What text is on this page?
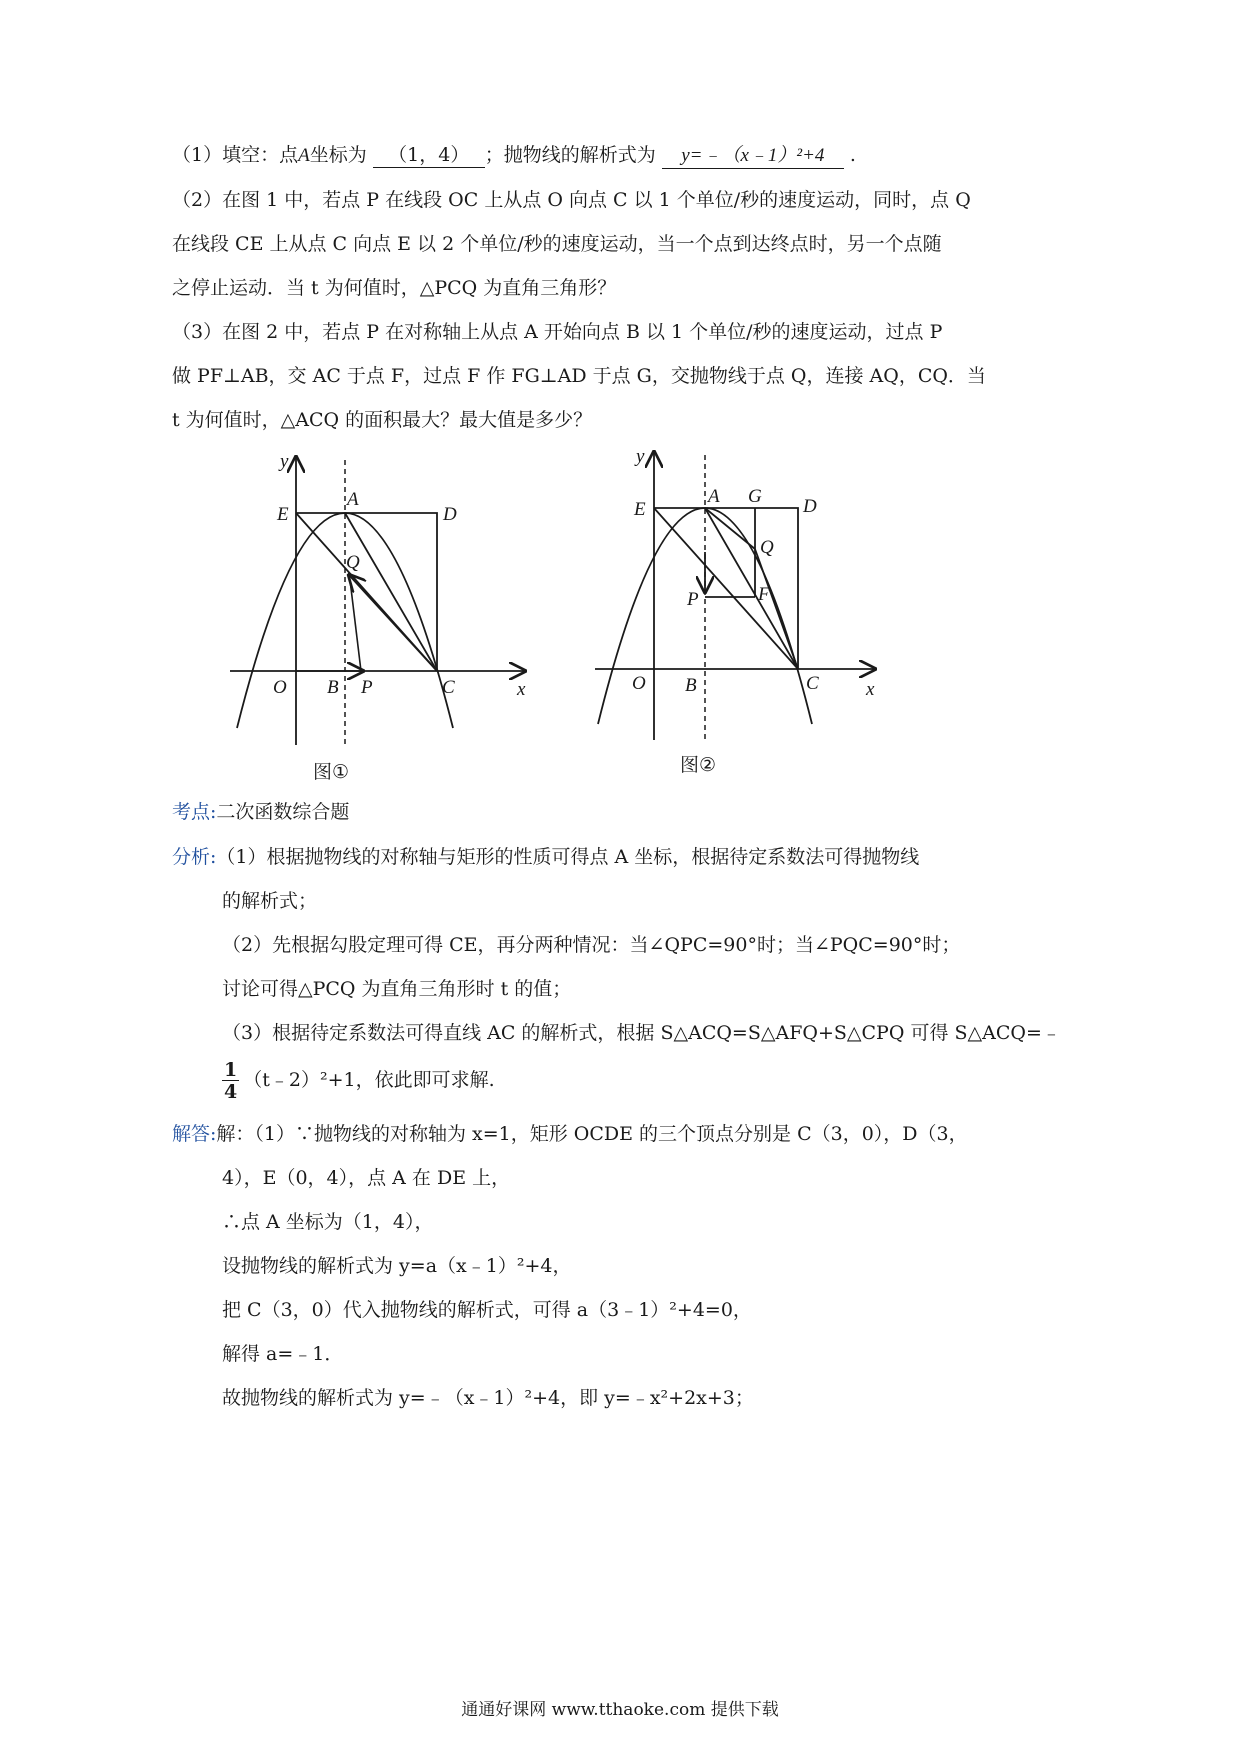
（1）填空：点A坐标为 （1，4） ；抛物线的解析式为 y=﹣（x﹣1）²+4 .
（2）在图 1 中，若点 P 在线段 OC 上从点 O 向点 C 以 1 个单位/秒的速度运动，同时，点 Q
在线段 CE 上从点 C 向点 E 以 2 个单位/秒的速度运动，当一个点到达终点时，另一个点随
之停止运动．当 t 为何值时，△PCQ 为直角三角形？
（3）在图 2 中，若点 P 在对称轴上从点 A 开始向点 B 以 1 个单位/秒的速度运动，过点 P
做 PF⊥AB，交 AC 于点 F，过点 F 作 FG⊥AD 于点 G，交抛物线于点 Q，连接 AQ，CQ．当
t 为何值时，△ACQ 的面积最大？最大值是多少？
y
E
A
D
Q
O B P	C	x
图①
y
E
A G D
Q
P	F
O B	C x
图②
考点:二次函数综合题
分析:（1）根据抛物线的对称轴与矩形的性质可得点 A 坐标，根据待定系数法可得抛物线
的解析式；
（2）先根据勾股定理可得 CE，再分两种情况：当∠QPC=90°时；当∠PQC=90°时；
讨论可得△PCQ 为直角三角形时 t 的值；
（3）根据待定系数法可得直线 AC 的解析式，根据 S△ACQ=S△AFQ+S△CPQ 可得 S△ACQ=﹣
$\frac{1}{4}$ （t﹣2）²+1，依此即可求解.
解答:解：（1）∵抛物线的对称轴为 x=1，矩形 OCDE 的三个顶点分别是 C（3，0），D（3，
4），E（0，4），点 A 在 DE 上，
∴点 A 坐标为（1，4），
设抛物线的解析式为 y=a（x﹣1）²+4，
把 C（3，0）代入抛物线的解析式，可得 a（3﹣1）²+4=0，
解得 a=﹣1．
故抛物线的解析式为 y=﹣（x﹣1）²+4，即 y=﹣x²+2x+3；
通通好课网 www.tthaoke.com 提供下载
